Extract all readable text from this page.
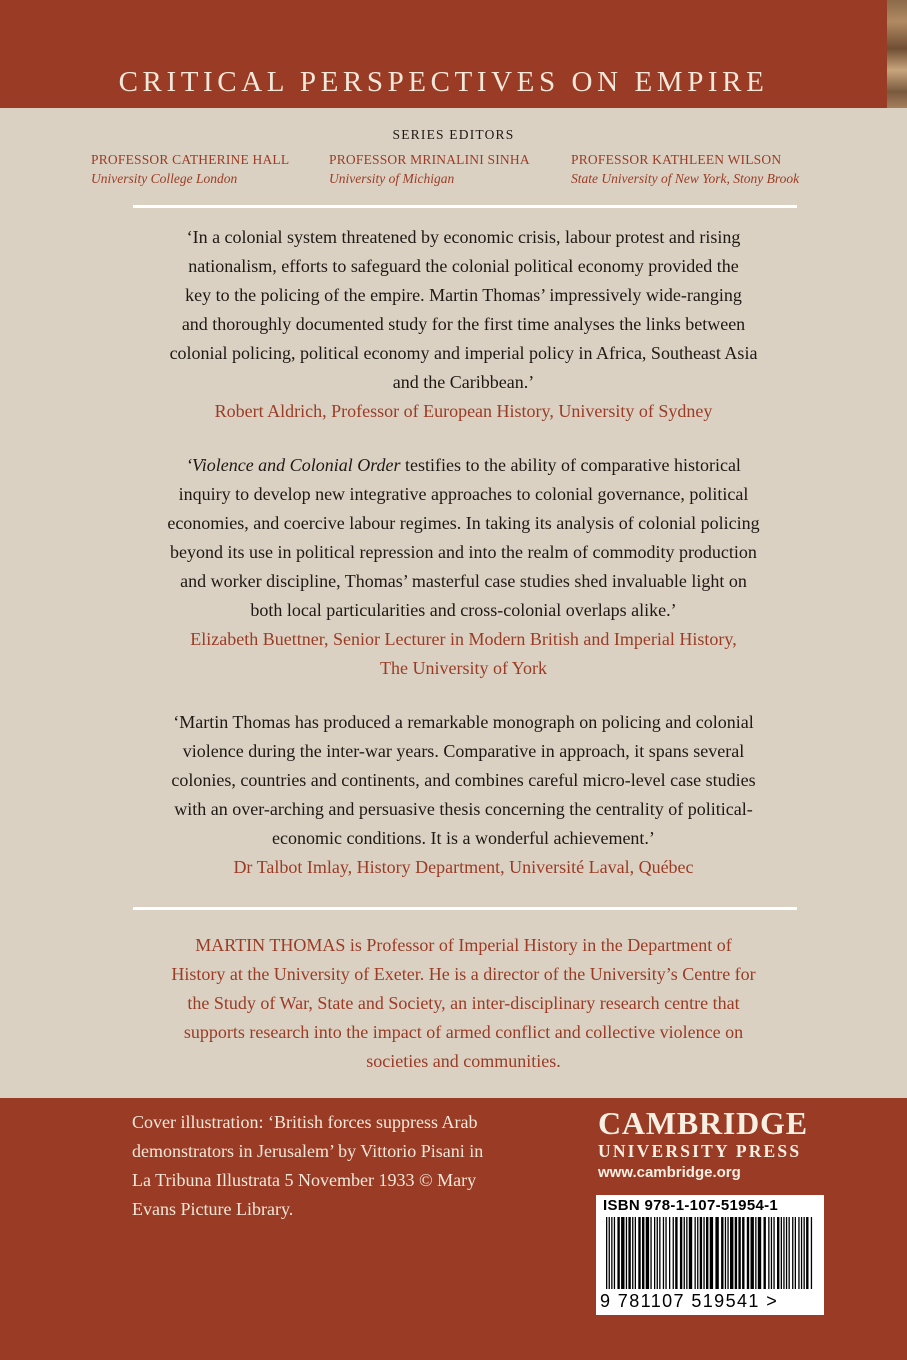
CRITICAL PERSPECTIVES ON EMPIRE
SERIES EDITORS
PROFESSOR CATHERINE HALL
University College London
PROFESSOR MRINALINI SINHA
University of Michigan
PROFESSOR KATHLEEN WILSON
State University of New York, Stony Brook
‘In a colonial system threatened by economic crisis, labour protest and rising
nationalism, efforts to safeguard the colonial political economy provided the
key to the policing of the empire. Martin Thomas’ impressively wide-ranging
and thoroughly documented study for the first time analyses the links between
colonial policing, political economy and imperial policy in Africa, Southeast Asia
and the Caribbean.’
Robert Aldrich, Professor of European History, University of Sydney
‘Violence and Colonial Order testifies to the ability of comparative historical
inquiry to develop new integrative approaches to colonial governance, political
economies, and coercive labour regimes. In taking its analysis of colonial policing
beyond its use in political repression and into the realm of commodity production
and worker discipline, Thomas’ masterful case studies shed invaluable light on
both local particularities and cross-colonial overlaps alike.’
Elizabeth Buettner, Senior Lecturer in Modern British and Imperial History,
The University of York
‘Martin Thomas has produced a remarkable monograph on policing and colonial
violence during the inter-war years. Comparative in approach, it spans several
colonies, countries and continents, and combines careful micro-level case studies
with an over-arching and persuasive thesis concerning the centrality of political-
economic conditions. It is a wonderful achievement.’
Dr Talbot Imlay, History Department, Université Laval, Québec
MARTIN THOMAS is Professor of Imperial History in the Department of
History at the University of Exeter. He is a director of the University’s Centre for
the Study of War, State and Society, an inter-disciplinary research centre that
supports research into the impact of armed conflict and collective violence on
societies and communities.
Cover illustration: ‘British forces suppress Arab
demonstrators in Jerusalem’ by Vittorio Pisani in
La Tribuna Illustrata 5 November 1933 © Mary
Evans Picture Library.
CAMBRIDGE
UNIVERSITY PRESS
www.cambridge.org
ISBN 978-1-107-51954-1
9 781107 519541 >
